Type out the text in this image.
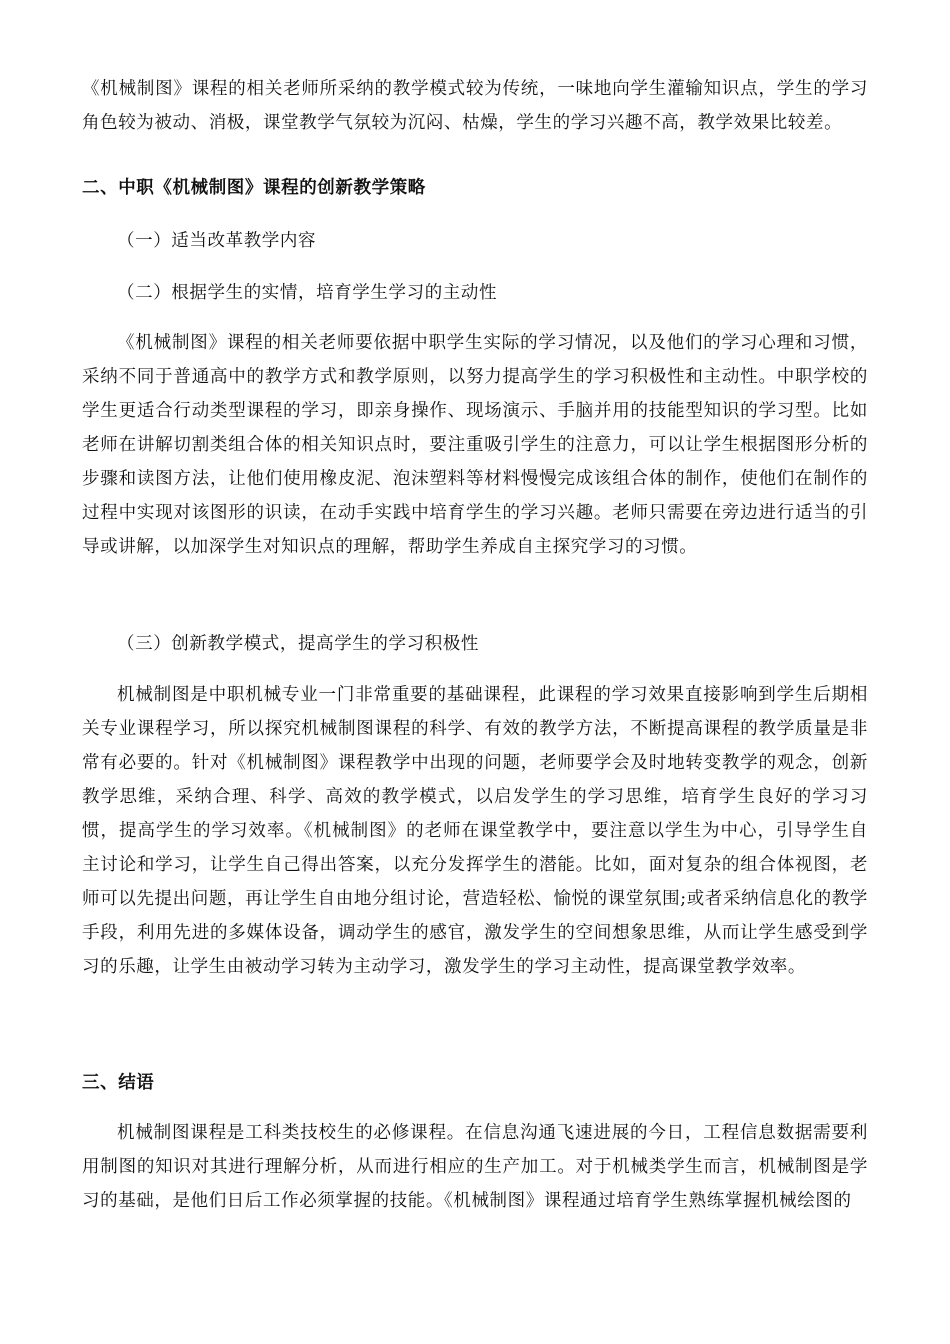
《机械制图》课程的相关老师所采纳的教学模式较为传统，一味地向学生灌输知识点，学生的学习角色较为被动、消极，课堂教学气氛较为沉闷、枯燥，学生的学习兴趣不高，教学效果比较差。

二、中职《机械制图》课程的创新教学策略
（一）适当改革教学内容
（二）根据学生的实情，培育学生学习的主动性

《机械制图》课程的相关老师要依据中职学生实际的学习情况，以及他们的学习心理和习惯，采纳不同于普通高中的教学方式和教学原则，以努力提高学生的学习积极性和主动性。中职学校的学生更适合行动类型课程的学习，即亲身操作、现场演示、手脑并用的技能型知识的学习型。比如老师在讲解切割类组合体的相关知识点时，要注重吸引学生的注意力，可以让学生根据图形分析的步骤和读图方法，让他们使用橡皮泥、泡沫塑料等材料慢慢完成该组合体的制作，使他们在制作的过程中实现对该图形的识读，在动手实践中培育学生的学习兴趣。老师只需要在旁边进行适当的引导或讲解，以加深学生对知识点的理解，帮助学生养成自主探究学习的习惯。

（三）创新教学模式，提高学生的学习积极性

机械制图是中职机械专业一门非常重要的基础课程，此课程的学习效果直接影响到学生后期相关专业课程学习，所以探究机械制图课程的科学、有效的教学方法，不断提高课程的教学质量是非常有必要的。针对《机械制图》课程教学中出现的问题，老师要学会及时地转变教学的观念，创新教学思维，采纳合理、科学、高效的教学模式，以启发学生的学习思维，培育学生良好的学习习惯，提高学生的学习效率。《机械制图》的老师在课堂教学中，要注意以学生为中心，引导学生自主讨论和学习，让学生自己得出答案，以充分发挥学生的潜能。比如，面对复杂的组合体视图，老师可以先提出问题，再让学生自由地分组讨论，营造轻松、愉悦的课堂氛围;或者采纳信息化的教学手段，利用先进的多媒体设备，调动学生的感官，激发学生的空间想象思维，从而让学生感受到学习的乐趣，让学生由被动学习转为主动学习，激发学生的学习主动性，提高课堂教学效率。

三、结语

机械制图课程是工科类技校生的必修课程。在信息沟通飞速进展的今日，工程信息数据需要利用制图的知识对其进行理解分析，从而进行相应的生产加工。对于机械类学生而言，机械制图是学习的基础，是他们日后工作必须掌握的技能。《机械制图》课程通过培育学生熟练掌握机械绘图的
